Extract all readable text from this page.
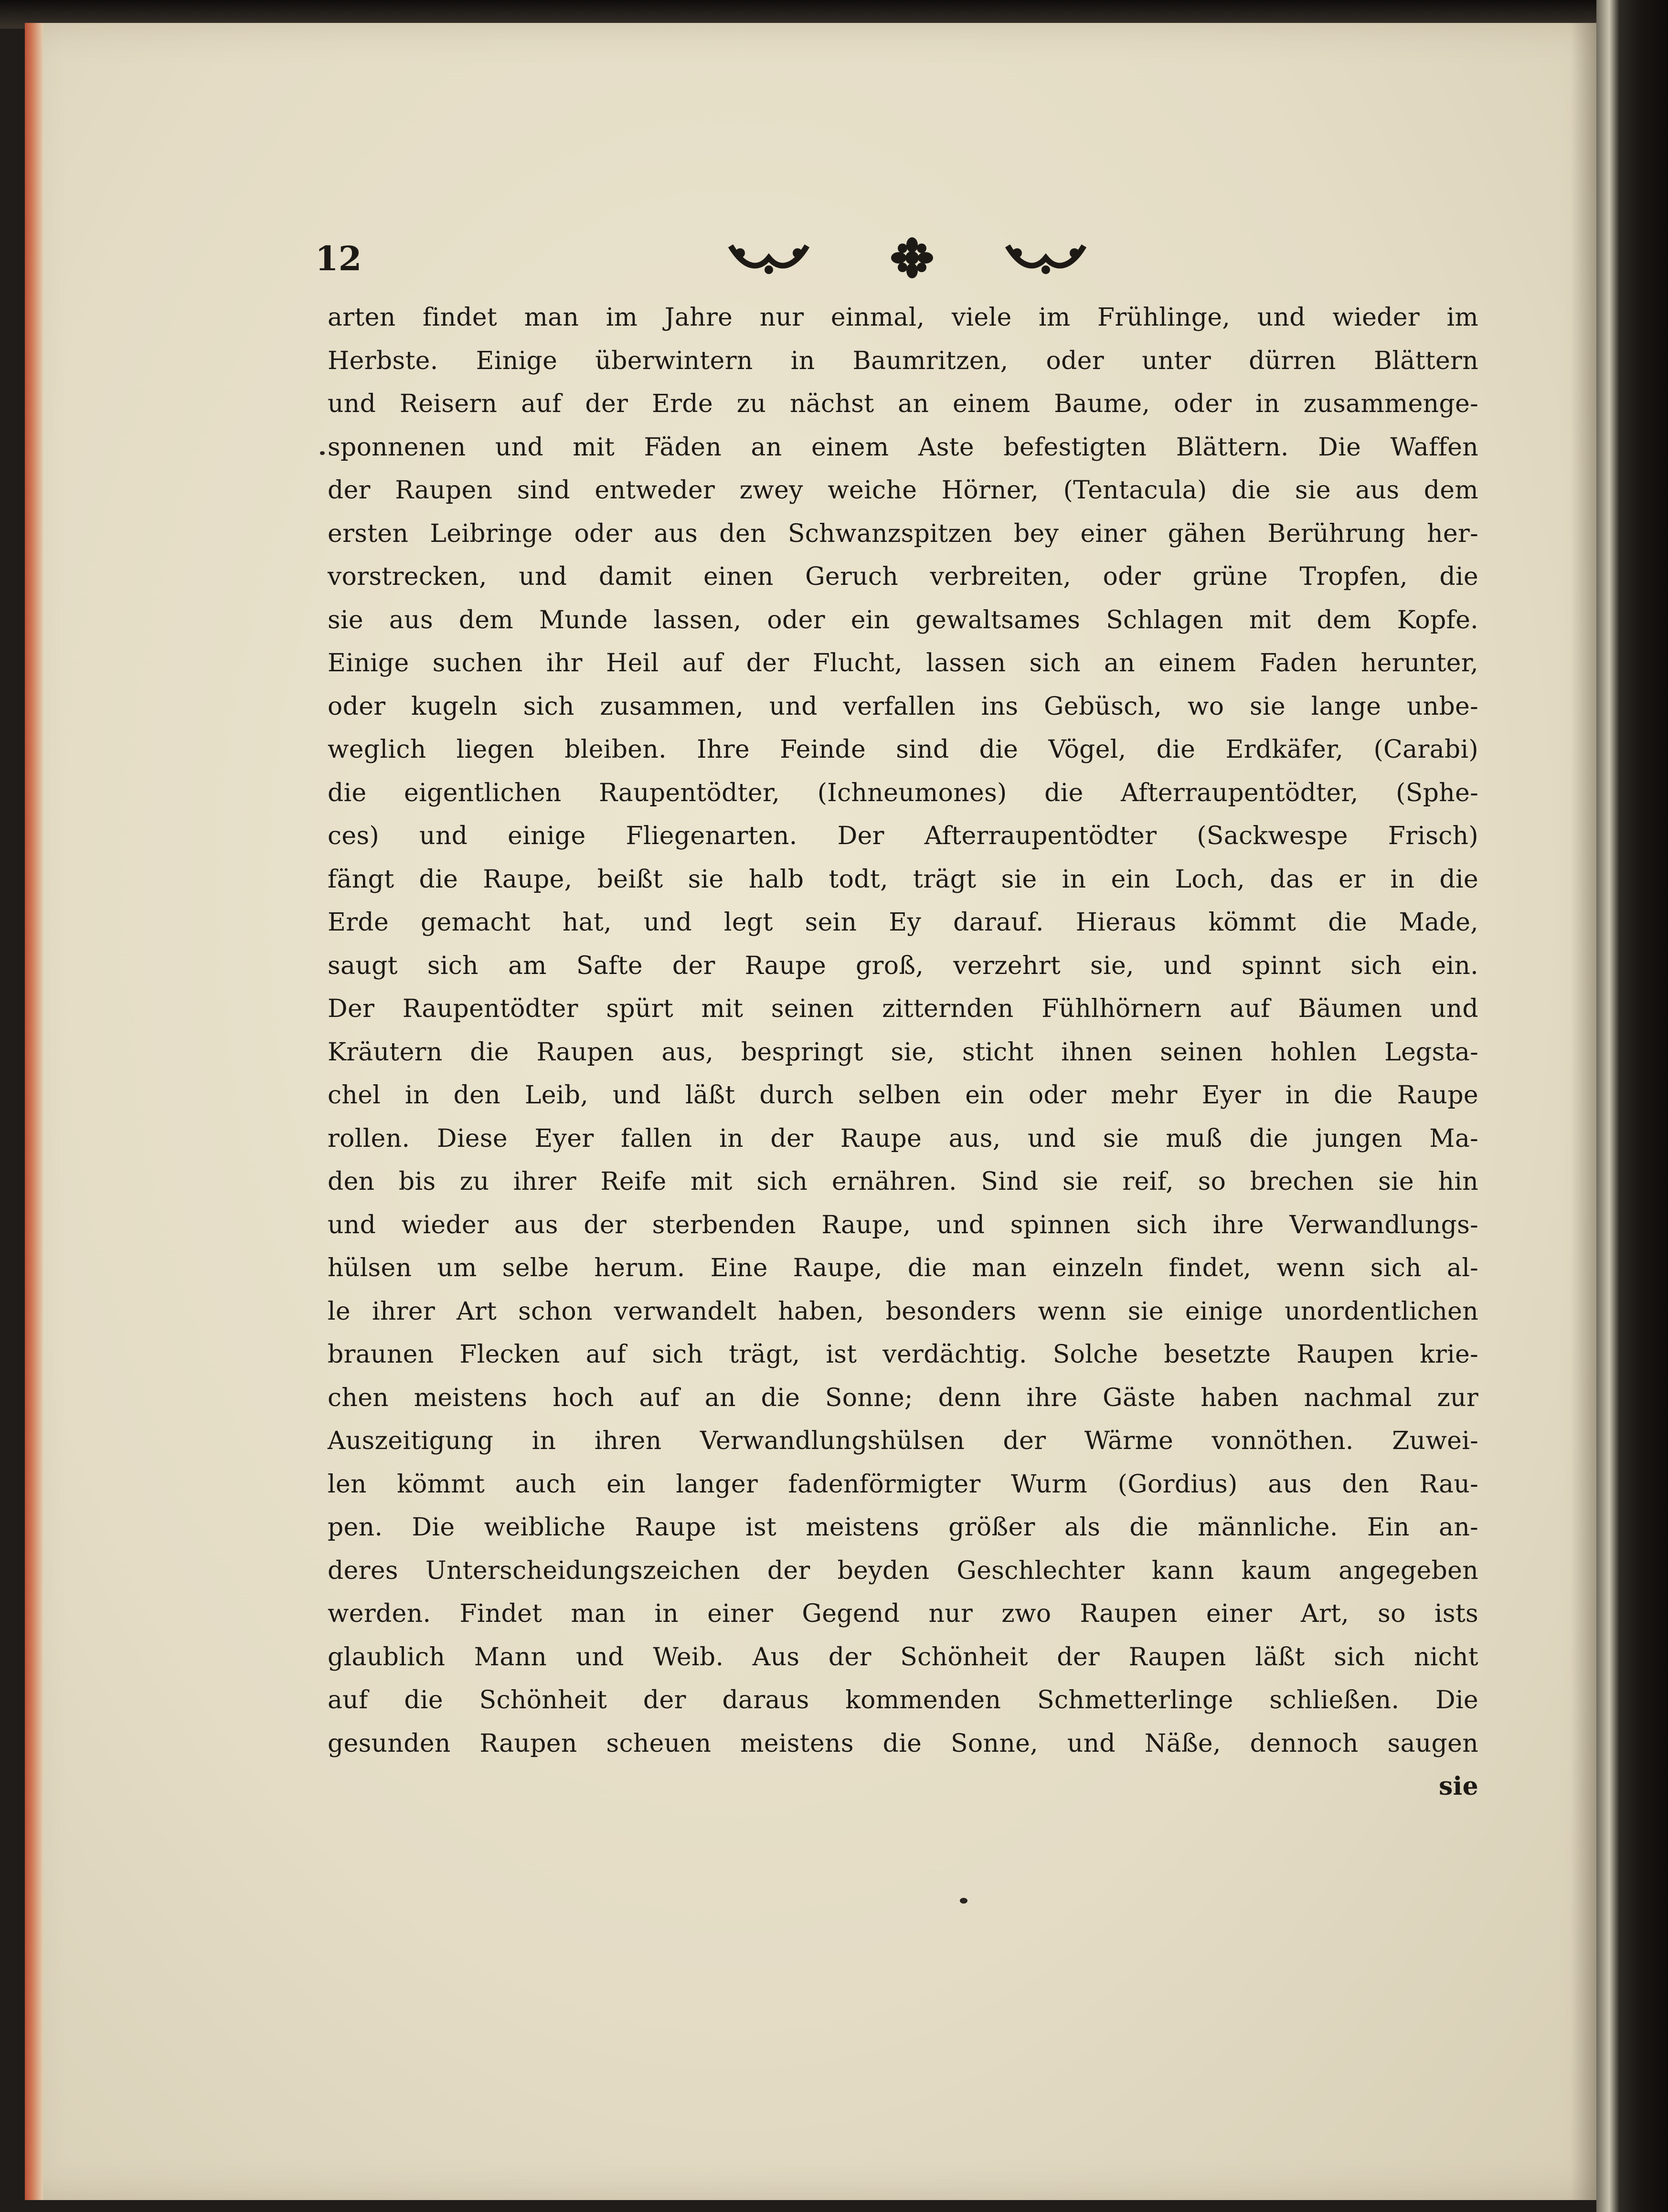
12
arten findet man im Jahre nur einmal, viele im Frühlinge, und wieder im
Herbste. Einige überwintern in Baumritzen, oder unter dürren Blättern
und Reisern auf der Erde zu nächst an einem Baume, oder in zusammenge-
sponnenen und mit Fäden an einem Aste befestigten Blättern. Die Waffen
der Raupen sind entweder zwey weiche Hörner, (Tentacula) die sie aus dem
ersten Leibringe oder aus den Schwanzspitzen bey einer gähen Berührung her-
vorstrecken, und damit einen Geruch verbreiten, oder grüne Tropfen, die
sie aus dem Munde lassen, oder ein gewaltsames Schlagen mit dem Kopfe.
Einige suchen ihr Heil auf der Flucht, lassen sich an einem Faden herunter,
oder kugeln sich zusammen, und verfallen ins Gebüsch, wo sie lange unbe-
weglich liegen bleiben. Ihre Feinde sind die Vögel, die Erdkäfer, (Carabi)
die eigentlichen Raupentödter, (Ichneumones) die Afterraupentödter, (Sphe-
ces) und einige Fliegenarten. Der Afterraupentödter (Sackwespe Frisch)
fängt die Raupe, beißt sie halb todt, trägt sie in ein Loch, das er in die
Erde gemacht hat, und legt sein Ey darauf. Hieraus kömmt die Made,
saugt sich am Safte der Raupe groß, verzehrt sie, und spinnt sich ein.
Der Raupentödter spürt mit seinen zitternden Fühlhörnern auf Bäumen und
Kräutern die Raupen aus, bespringt sie, sticht ihnen seinen hohlen Legsta-
chel in den Leib, und läßt durch selben ein oder mehr Eyer in die Raupe
rollen. Diese Eyer fallen in der Raupe aus, und sie muß die jungen Ma-
den bis zu ihrer Reife mit sich ernähren. Sind sie reif, so brechen sie hin
und wieder aus der sterbenden Raupe, und spinnen sich ihre Verwandlungs-
hülsen um selbe herum. Eine Raupe, die man einzeln findet, wenn sich al-
le ihrer Art schon verwandelt haben, besonders wenn sie einige unordentlichen
braunen Flecken auf sich trägt, ist verdächtig. Solche besetzte Raupen krie-
chen meistens hoch auf an die Sonne; denn ihre Gäste haben nachmal zur
Auszeitigung in ihren Verwandlungshülsen der Wärme vonnöthen. Zuwei-
len kömmt auch ein langer fadenförmigter Wurm (Gordius) aus den Rau-
pen. Die weibliche Raupe ist meistens größer als die männliche. Ein an-
deres Unterscheidungszeichen der beyden Geschlechter kann kaum angegeben
werden. Findet man in einer Gegend nur zwo Raupen einer Art, so ists
glaublich Mann und Weib. Aus der Schönheit der Raupen läßt sich nicht
auf die Schönheit der daraus kommenden Schmetterlinge schließen. Die
gesunden Raupen scheuen meistens die Sonne, und Näße, dennoch saugen
sie
